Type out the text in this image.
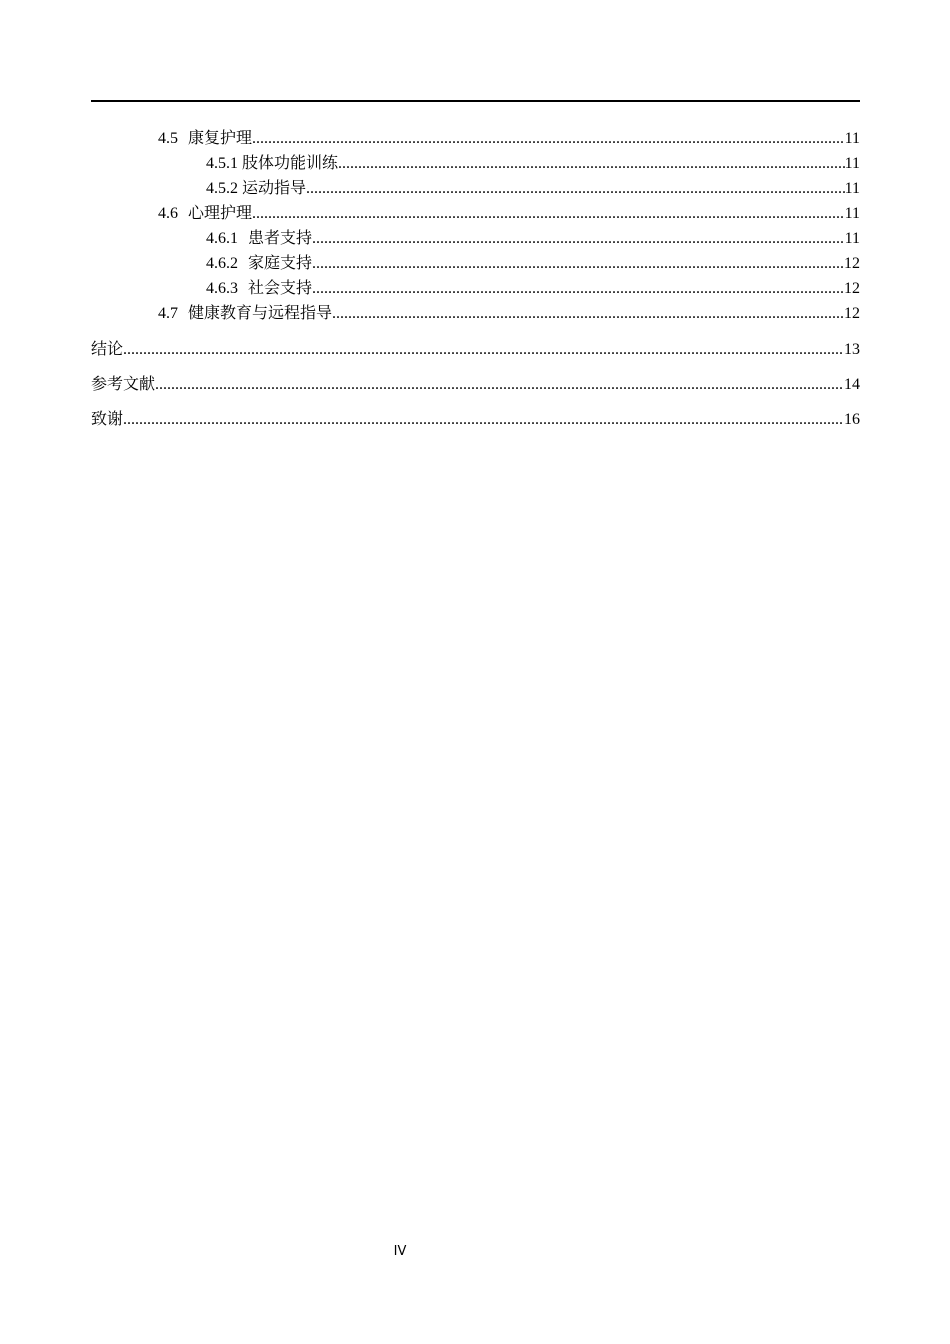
4.5 康复护理 .....	11
4.5.1 肢体功能训练 .....	11
4.5.2 运动指导 .....	11
4.6 心理护理 .....	11
4.6.1 患者支持 .....	11
4.6.2 家庭支持 .....	12
4.6.3 社会支持 .....	12
4.7 健康教育与远程指导 .....	12
结论 .....	13
参考文献 .....	14
致谢 .....	16
IV
